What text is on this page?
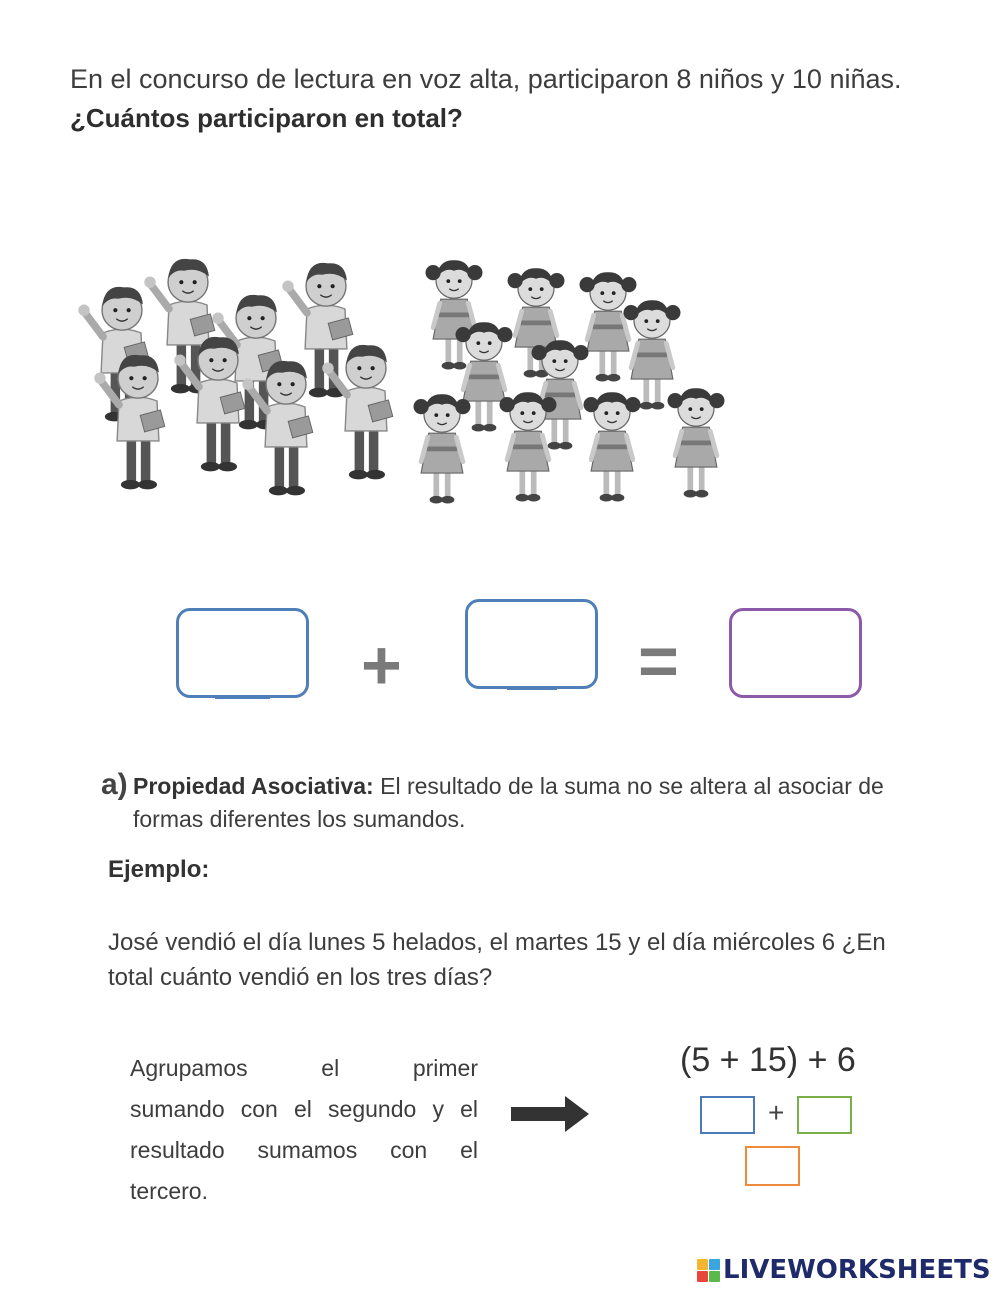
En el concurso de lectura en voz alta, participaron 8 niños y 10 niñas.
¿Cuántos participaron en total?
+	=
a) Propiedad Asociativa: El resultado de la suma no se altera al asociar de
formas diferentes los sumandos.
Ejemplo:
José vendió el día lunes 5 helados, el martes 15 y el día miércoles 6 ¿En
total cuánto vendió en los tres días?
Agrupamos el primer
sumando con el segundo y el
resultado sumamos con el
tercero.
(5 + 15) + 6
+
LIVEWORKSHEETS
